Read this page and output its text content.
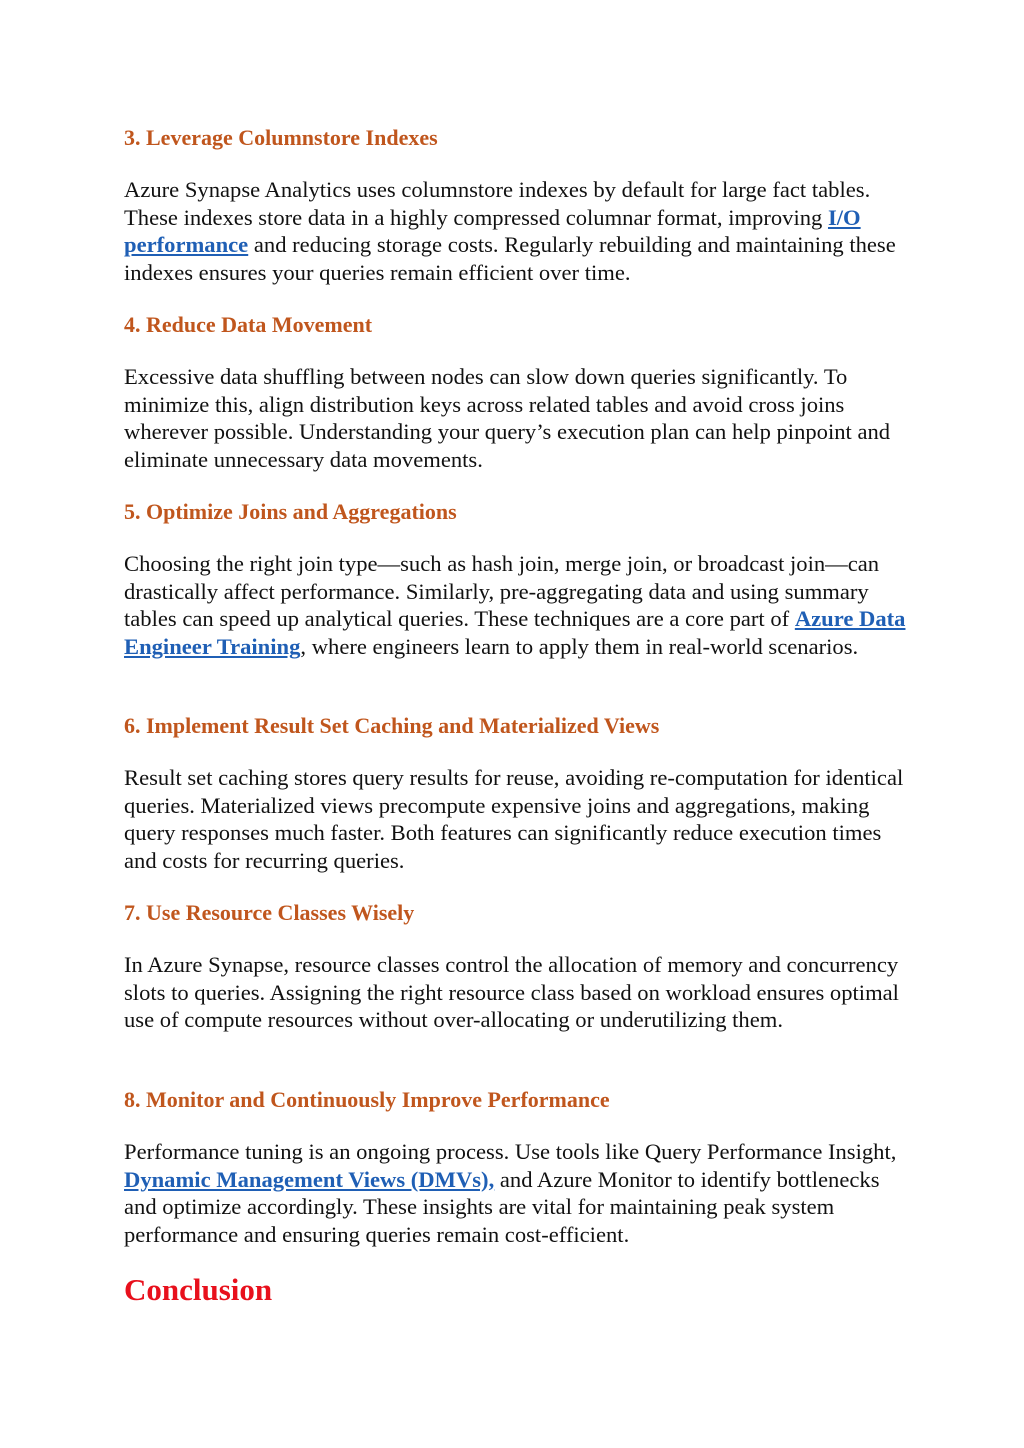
3. Leverage Columnstore Indexes

Azure Synapse Analytics uses columnstore indexes by default for large fact tables. These indexes store data in a highly compressed columnar format, improving I/O performance and reducing storage costs. Regularly rebuilding and maintaining these indexes ensures your queries remain efficient over time.

4. Reduce Data Movement

Excessive data shuffling between nodes can slow down queries significantly. To minimize this, align distribution keys across related tables and avoid cross joins wherever possible. Understanding your query’s execution plan can help pinpoint and eliminate unnecessary data movements.

5. Optimize Joins and Aggregations

Choosing the right join type—such as hash join, merge join, or broadcast join—can drastically affect performance. Similarly, pre-aggregating data and using summary tables can speed up analytical queries. These techniques are a core part of Azure Data Engineer Training, where engineers learn to apply them in real-world scenarios.

6. Implement Result Set Caching and Materialized Views

Result set caching stores query results for reuse, avoiding re-computation for identical queries. Materialized views precompute expensive joins and aggregations, making query responses much faster. Both features can significantly reduce execution times and costs for recurring queries.

7. Use Resource Classes Wisely

In Azure Synapse, resource classes control the allocation of memory and concurrency slots to queries. Assigning the right resource class based on workload ensures optimal use of compute resources without over-allocating or underutilizing them.

8. Monitor and Continuously Improve Performance

Performance tuning is an ongoing process. Use tools like Query Performance Insight, Dynamic Management Views (DMVs), and Azure Monitor to identify bottlenecks and optimize accordingly. These insights are vital for maintaining peak system performance and ensuring queries remain cost-efficient.

Conclusion
